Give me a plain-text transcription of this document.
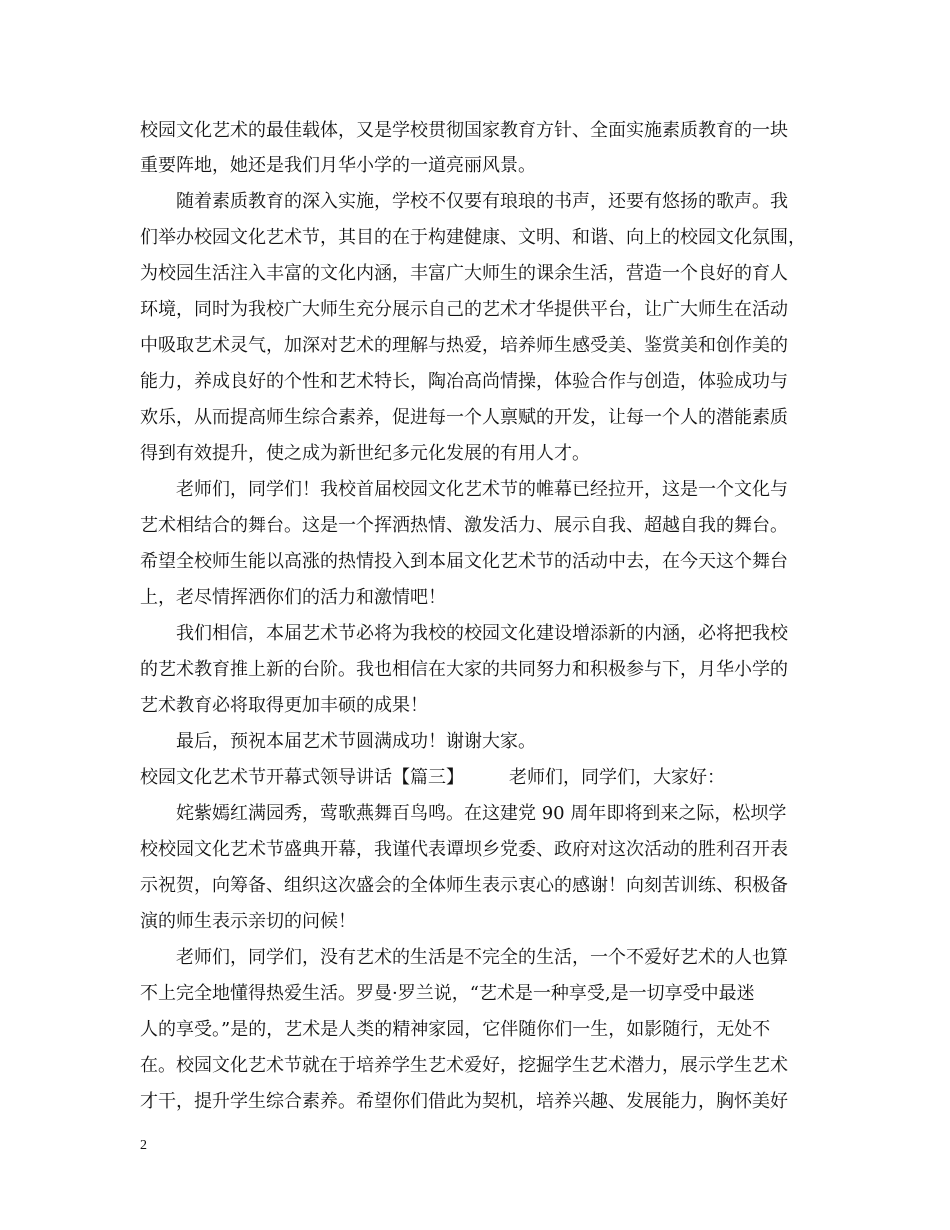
校园文化艺术的最佳载体，又是学校贯彻国家教育方针、全面实施素质教育的一块
重要阵地，她还是我们月华小学的一道亮丽风景。
　　随着素质教育的深入实施，学校不仅要有琅琅的书声，还要有悠扬的歌声。我
们举办校园文化艺术节，其目的在于构建健康、文明、和谐、向上的校园文化氛围，
为校园生活注入丰富的文化内涵，丰富广大师生的课余生活，营造一个良好的育人
环境，同时为我校广大师生充分展示自己的艺术才华提供平台，让广大师生在活动
中吸取艺术灵气，加深对艺术的理解与热爱，培养师生感受美、鉴赏美和创作美的
能力，养成良好的个性和艺术特长，陶冶高尚情操，体验合作与创造，体验成功与
欢乐，从而提高师生综合素养，促进每一个人禀赋的开发，让每一个人的潜能素质
得到有效提升，使之成为新世纪多元化发展的有用人才。
　　老师们，同学们！我校首届校园文化艺术节的帷幕已经拉开，这是一个文化与
艺术相结合的舞台。这是一个挥洒热情、激发活力、展示自我、超越自我的舞台。
希望全校师生能以高涨的热情投入到本届文化艺术节的活动中去，在今天这个舞台
上，老尽情挥洒你们的活力和激情吧！
　　我们相信，本届艺术节必将为我校的校园文化建设增添新的内涵，必将把我校
的艺术教育推上新的台阶。我也相信在大家的共同努力和积极参与下，月华小学的
艺术教育必将取得更加丰硕的成果！
　　最后，预祝本届艺术节圆满成功！谢谢大家。
校园文化艺术节开幕式领导讲话【篇三】　　　老师们，同学们，大家好：
　　姹紫嫣红满园秀，莺歌燕舞百鸟鸣。在这建党 90 周年即将到来之际，松坝学
校校园文化艺术节盛典开幕，我谨代表谭坝乡党委、政府对这次活动的胜利召开表
示祝贺，向筹备、组织这次盛会的全体师生表示衷心的感谢！向刻苦训练、积极备
演的师生表示亲切的问候！
　　老师们，同学们，没有艺术的生活是不完全的生活，一个不爱好艺术的人也算
不上完全地懂得热爱生活。罗曼·罗兰说，“艺术是一种享受,是一切享受中最迷
人的享受。”是的，艺术是人类的精神家园，它伴随你们一生，如影随行，无处不
在。校园文化艺术节就在于培养学生艺术爱好，挖掘学生艺术潜力，展示学生艺术
才干，提升学生综合素养。希望你们借此为契机，培养兴趣、发展能力，胸怀美好
2
